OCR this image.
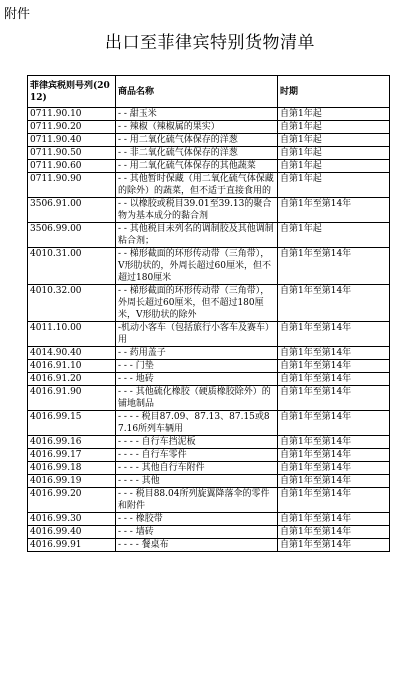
附件
出口至菲律宾特别货物清单
菲律宾税则号列(2012)	商品名称	时期
0711.90.10	- - 甜玉米	自第1年起
0711.90.20	- - 辣椒（辣椒属的果实）	自第1年起
0711.90.40	- - 用二氧化硫气体保存的洋葱	自第1年起
0711.90.50	- - 非二氧化硫气体保存的洋葱	自第1年起
0711.90.60	- - 用二氧化硫气体保存的其他蔬菜	自第1年起
0711.90.90	- - 其他暂时保藏（用二氧化硫气体保藏的除外）的蔬菜，但不适于直接食用的	自第1年起
3506.91.00	- - 以橡胶或税目39.01至39.13的聚合物为基本成分的黏合剂	自第1年至第14年
3506.99.00	- - 其他税目未列名的调制胶及其他调制粘合剂；	自第1年起
4010.31.00	- - 梯形截面的环形传动带（三角带），V形肋状的，外周长超过60厘米，但不超过180厘米	自第1年至第14年
4010.32.00	- - 梯形截面的环形传动带（三角带），外周长超过60厘米，但不超过180厘米，V形肋状的除外	自第1年至第14年
4011.10.00	-机动小客车（包括旅行小客车及赛车）用	自第1年至第14年
4014.90.40	- - 药用盖子	自第1年至第14年
4016.91.10	- - - 门垫	自第1年至第14年
4016.91.20	- - - 地砖	自第1年至第14年
4016.91.90	- - - 其他硫化橡胶（硬质橡胶除外）的铺地制品	自第1年至第14年
4016.99.15	- - - - 税目87.09、87.13、87.15或87.16所列车辆用	自第1年至第14年
4016.99.16	- - - - 自行车挡泥板	自第1年至第14年
4016.99.17	- - - - 自行车零件	自第1年至第14年
4016.99.18	- - - - 其他自行车附件	自第1年至第14年
4016.99.19	- - - - 其他	自第1年至第14年
4016.99.20	- - - 税目88.04所列旋翼降落伞的零件和附件	自第1年至第14年
4016.99.30	- - - 橡胶带	自第1年至第14年
4016.99.40	- - - 墙砖	自第1年至第14年
4016.99.91	- - - - 餐桌布	自第1年至第14年
